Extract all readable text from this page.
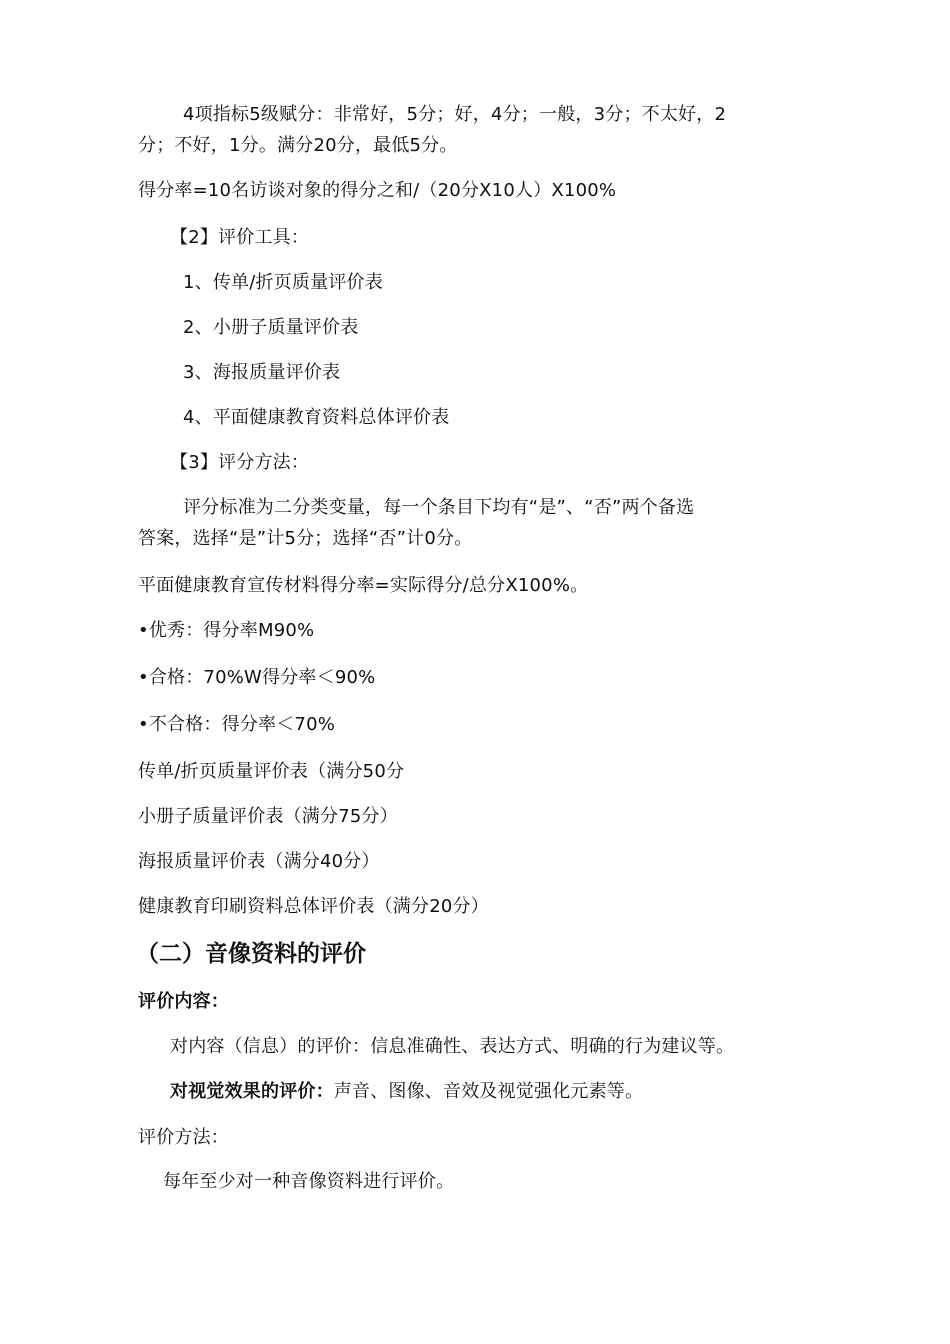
4项指标5级赋分：非常好，5分；好，4分；一般，3分；不太好，2
分；不好，1分。满分20分，最低5分。
得分率=10名访谈对象的得分之和/（20分X10人）X100%
【2】评价工具：
1、传单/折页质量评价表
2、小册子质量评价表
3、海报质量评价表
4、平面健康教育资料总体评价表
【3】评分方法：
评分标准为二分类变量，每一个条目下均有“是”、“否”两个备选
答案，选择“是”计5分；选择“否”计0分。
平面健康教育宣传材料得分率=实际得分/总分X100%。
•优秀：得分率M90%
•合格：70%W得分率＜90%
•不合格：得分率＜70%
传单/折页质量评价表（满分50分
小册子质量评价表（满分75分）
海报质量评价表（满分40分）
健康教育印刷资料总体评价表（满分20分）
（二）音像资料的评价
评价内容：
对内容（信息）的评价：信息准确性、表达方式、明确的行为建议等。
对视觉效果的评价：声音、图像、音效及视觉强化元素等。
评价方法：
每年至少对一种音像资料进行评价。
